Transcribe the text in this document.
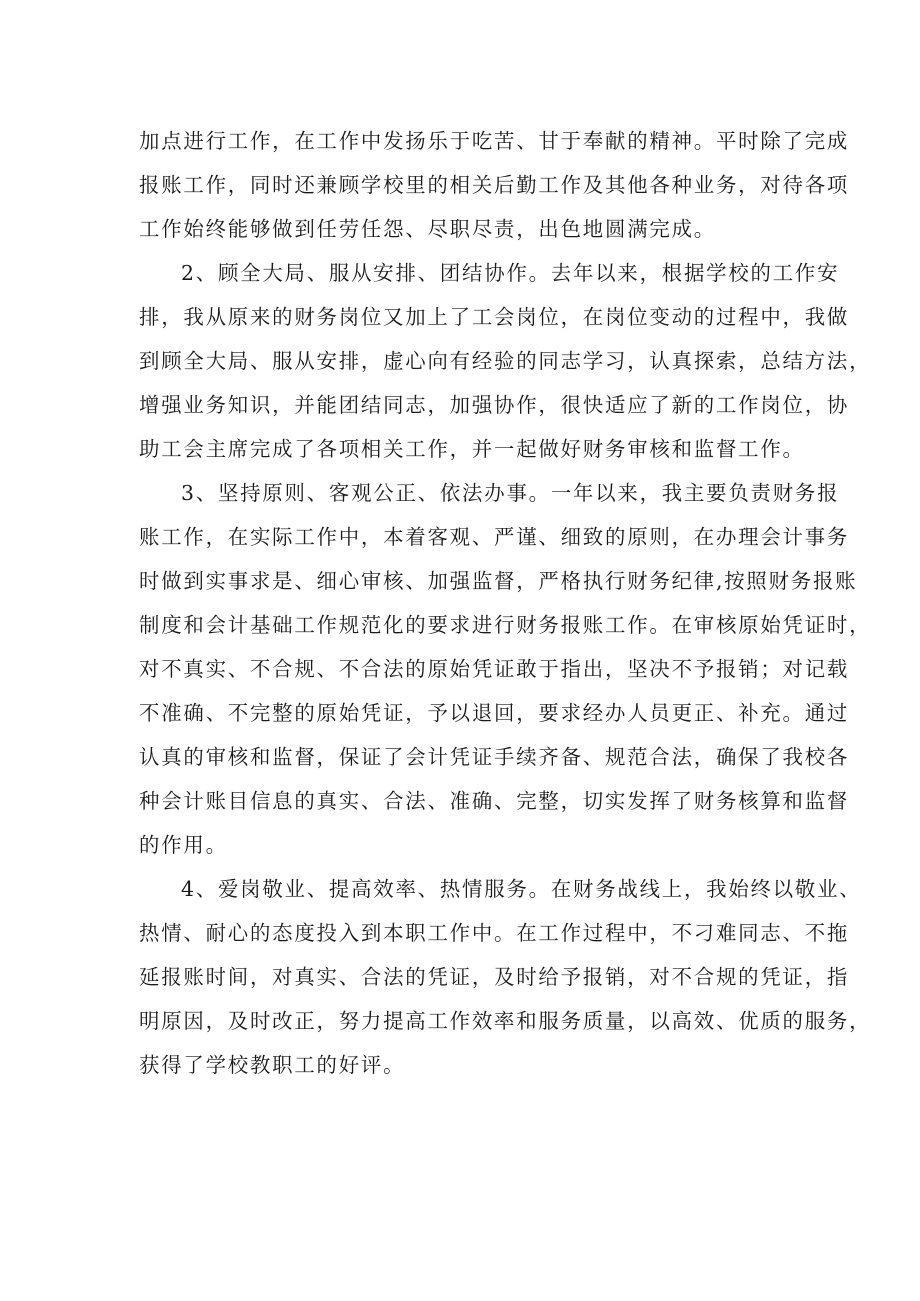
加点进行工作，在工作中发扬乐于吃苦、甘于奉献的精神。平时除了完成
报账工作，同时还兼顾学校里的相关后勤工作及其他各种业务，对待各项
工作始终能够做到任劳任怨、尽职尽责，出色地圆满完成。
2、顾全大局、服从安排、团结协作。去年以来，根据学校的工作安
排，我从原来的财务岗位又加上了工会岗位，在岗位变动的过程中，我做
到顾全大局、服从安排，虚心向有经验的同志学习，认真探索，总结方法，
增强业务知识，并能团结同志，加强协作，很快适应了新的工作岗位，协
助工会主席完成了各项相关工作，并一起做好财务审核和监督工作。
3、坚持原则、客观公正、依法办事。一年以来，我主要负责财务报
账工作，在实际工作中，本着客观、严谨、细致的原则，在办理会计事务
时做到实事求是、细心审核、加强监督，严格执行财务纪律,按照财务报账
制度和会计基础工作规范化的要求进行财务报账工作。在审核原始凭证时，
对不真实、不合规、不合法的原始凭证敢于指出，坚决不予报销；对记载
不准确、不完整的原始凭证，予以退回，要求经办人员更正、补充。通过
认真的审核和监督，保证了会计凭证手续齐备、规范合法，确保了我校各
种会计账目信息的真实、合法、准确、完整，切实发挥了财务核算和监督
的作用。
4、爱岗敬业、提高效率、热情服务。在财务战线上，我始终以敬业、
热情、耐心的态度投入到本职工作中。在工作过程中，不刁难同志、不拖
延报账时间，对真实、合法的凭证，及时给予报销，对不合规的凭证，指
明原因，及时改正，努力提高工作效率和服务质量，以高效、优质的服务，
获得了学校教职工的好评。
